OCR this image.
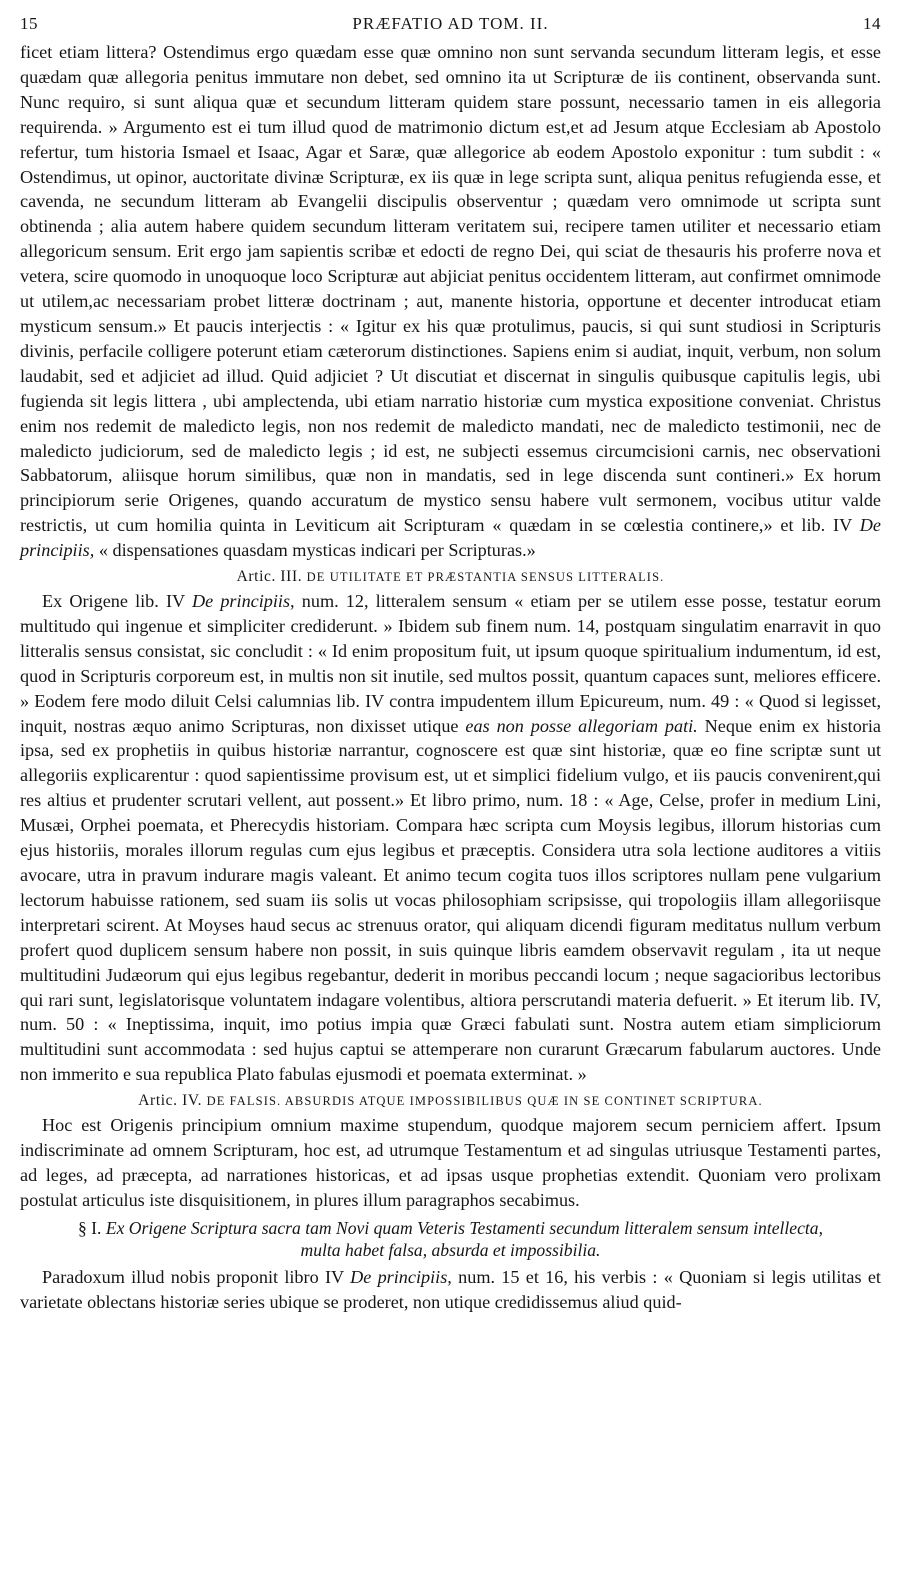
15	PRÆFATIO AD TOM. II.	14

ficet etiam littera? Ostendimus ergo quædam esse quæ omnino non sunt servanda secundum litteram legis, et esse quædam quæ allegoria penitus immutare non debet, sed omnino ita ut Scripturæ de iis continent, observanda sunt. Nunc requiro, si sunt aliqua quæ et secundum litteram quidem stare possunt, necessario tamen in eis allegoria requirenda. » Argumento est ei tum illud quod de matrimonio dictum est,et ad Jesum atque Ecclesiam ab Apostolo refertur, tum historia Ismael et Isaac, Agar et Saræ, quæ allegorice ab eodem Apostolo exponitur : tum subdit : « Ostendimus, ut opinor, auctoritate divinæ Scripturæ, ex iis quæ in lege scripta sunt, aliqua penitus refugienda esse, et cavenda, ne secundum litteram ab Evangelii discipulis observentur ; quædam vero omnimode ut scripta sunt obtinenda ; alia autem habere quidem secundum litteram veritatem sui, recipere tamen utiliter et necessario etiam allegoricum sensum. Erit ergo jam sapientis scribæ et edocti de regno Dei, qui sciat de thesauris his proferre nova et vetera, scire quomodo in unoquoque loco Scripturæ aut abjiciat penitus occidentem litteram, aut confirmet omnimode ut utilem,ac necessariam probet litteræ doctrinam ; aut, manente historia, opportune et decenter introducat etiam mysticum sensum.» Et paucis interjectis : « Igitur ex his quæ protulimus, paucis, si qui sunt studiosi in Scripturis divinis, perfacile colligere poterunt etiam cæterorum distinctiones. Sapiens enim si audiat, inquit, verbum, non solum laudabit, sed et adjiciet ad illud. Quid adjiciet ? Ut discutiat et discernat in singulis quibusque capitulis legis, ubi fugienda sit legis littera , ubi amplectenda, ubi etiam narratio historiæ cum mystica expositione conveniat. Christus enim nos redemit de maledicto legis, non nos redemit de maledicto mandati, nec de maledicto testimonii, nec de maledicto judiciorum, sed de maledicto legis ; id est, ne subjecti essemus circumcisioni carnis, nec observationi Sabbatorum, aliisque horum similibus, quæ non in mandatis, sed in lege discenda sunt contineri.» Ex horum principiorum serie Origenes, quando accuratum de mystico sensu habere vult sermonem, vocibus utitur valde restrictis, ut cum homilia quinta in Leviticum ait Scripturam « quædam in se cœlestia continere,» et lib. IV De principiis, « dispensationes quasdam mysticas indicari per Scripturas.»

Artic. III. DE UTILITATE ET PRÆSTANTIA SENSUS LITTERALIS.

Ex Origene lib. IV De principiis, num. 12, litteralem sensum « etiam per se utilem esse posse, testatur eorum multitudo qui ingenue et simpliciter crediderunt. » Ibidem sub finem num. 14, postquam singulatim enarravit in quo litteralis sensus consistat, sic concludit : « Id enim propositum fuit, ut ipsum quoque spiritualium indumentum, id est, quod in Scripturis corporeum est, in multis non sit inutile, sed multos possit, quantum capaces sunt, meliores efficere. » Eodem fere modo diluit Celsi calumnias lib. IV contra impudentem illum Epicureum, num. 49 : « Quod si legisset, inquit, nostras æquo animo Scripturas, non dixisset utique eas non posse allegoriam pati. Neque enim ex historia ipsa, sed ex prophetiis in quibus historiæ narrantur, cognoscere est quæ sint historiæ, quæ eo fine scriptæ sunt ut allegoriis explicarentur : quod sapientissime provisum est, ut et simplici fidelium vulgo, et iis paucis convenirent,qui res altius et prudenter scrutari vellent, aut possent.» Et libro primo, num. 18 : « Age, Celse, profer in medium Lini, Musæi, Orphei poemata, et Pherecydis historiam. Compara hæc scripta cum Moysis legibus, illorum historias cum ejus historiis, morales illorum regulas cum ejus legibus et præceptis. Considera utra sola lectione auditores a vitiis avocare, utra in pravum indurare magis valeant. Et animo tecum cogita tuos illos scriptores nullam pene vulgarium lectorum habuisse rationem, sed suam iis solis ut vocas philosophiam scripsisse, qui tropologiis illam allegoriisque interpretari scirent. At Moyses haud secus ac strenuus orator, qui aliquam dicendi figuram meditatus nullum verbum profert quod duplicem sensum habere non possit, in suis quinque libris eamdem observavit regulam , ita ut neque multitudini Judæorum qui ejus legibus regebantur, dederit in moribus peccandi locum ; neque sagacioribus lectoribus qui rari sunt, legislatorisque voluntatem indagare volentibus, altiora perscrutandi materia defuerit. » Et iterum lib. IV, num. 50 : « Ineptissima, inquit, imo potius impia quæ Græci fabulati sunt. Nostra autem etiam simpliciorum multitudini sunt accommodata : sed hujus captui se attemperare non curarunt Græcarum fabularum auctores. Unde non immerito e sua republica Plato fabulas ejusmodi et poemata exterminat. »

Artic. IV. DE FALSIS. ABSURDIS ATQUE IMPOSSIBILIBUS QUÆ IN SE CONTINET SCRIPTURA.

Hoc est Origenis principium omnium maxime stupendum, quodque majorem secum perniciem affert. Ipsum indiscriminate ad omnem Scripturam, hoc est, ad utrumque Testamentum et ad singulas utriusque Testamenti partes, ad leges, ad præcepta, ad narrationes historicas, et ad ipsas usque prophetias extendit. Quoniam vero prolixam postulat articulus iste disquisitionem, in plures illum paragraphos secabimus.

§ I. Ex Origene Scriptura sacra tam Novi quam Veteris Testamenti secundum litteralem sensum intellecta,
multa habet falsa, absurda et impossibilia.

Paradoxum illud nobis proponit libro IV De principiis, num. 15 et 16, his verbis : « Quoniam si legis utilitas et varietate oblectans historiæ series ubique se proderet, non utique credidissemus aliud quid-
